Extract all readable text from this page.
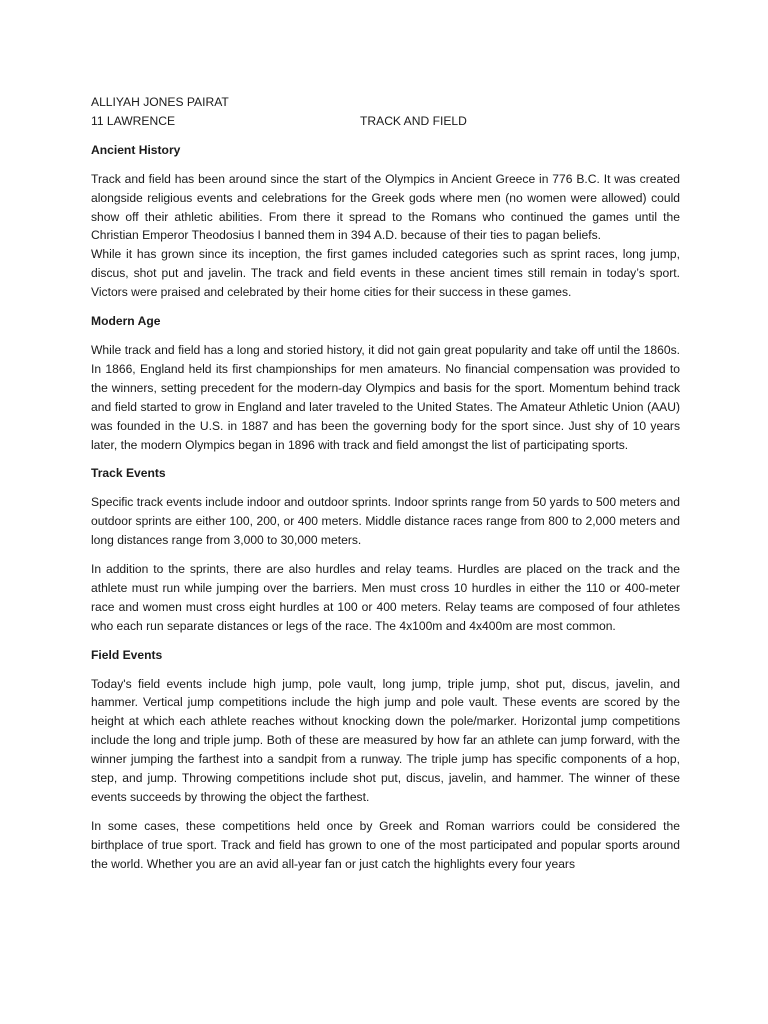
ALLIYAH JONES PAIRAT
11 LAWRENCE	TRACK AND FIELD
Ancient History

Track and field has been around since the start of the Olympics in Ancient Greece in 776 B.C. It was created alongside religious events and celebrations for the Greek gods where men (no women were allowed) could show off their athletic abilities. From there it spread to the Romans who continued the games until the Christian Emperor Theodosius I banned them in 394 A.D. because of their ties to pagan beliefs.

While it has grown since its inception, the first games included categories such as sprint races, long jump, discus, shot put and javelin. The track and field events in these ancient times still remain in today’s sport. Victors were praised and celebrated by their home cities for their success in these games.

Modern Age

While track and field has a long and storied history, it did not gain great popularity and take off until the 1860s. In 1866, England held its first championships for men amateurs. No financial compensation was provided to the winners, setting precedent for the modern-day Olympics and basis for the sport. Momentum behind track and field started to grow in England and later traveled to the United States. The Amateur Athletic Union (AAU) was founded in the U.S. in 1887 and has been the governing body for the sport since. Just shy of 10 years later, the modern Olympics began in 1896 with track and field amongst the list of participating sports.

Track Events

Specific track events include indoor and outdoor sprints. Indoor sprints range from 50 yards to 500 meters and outdoor sprints are either 100, 200, or 400 meters. Middle distance races range from 800 to 2,000 meters and long distances range from 3,000 to 30,000 meters.

In addition to the sprints, there are also hurdles and relay teams. Hurdles are placed on the track and the athlete must run while jumping over the barriers. Men must cross 10 hurdles in either the 110 or 400-meter race and women must cross eight hurdles at 100 or 400 meters. Relay teams are composed of four athletes who each run separate distances or legs of the race. The 4x100m and 4x400m are most common.

Field Events

Today's field events include high jump, pole vault, long jump, triple jump, shot put, discus, javelin, and hammer. Vertical jump competitions include the high jump and pole vault. These events are scored by the height at which each athlete reaches without knocking down the pole/marker. Horizontal jump competitions include the long and triple jump. Both of these are measured by how far an athlete can jump forward, with the winner jumping the farthest into a sandpit from a runway. The triple jump has specific components of a hop, step, and jump. Throwing competitions include shot put, discus, javelin, and hammer. The winner of these events succeeds by throwing the object the farthest.

In some cases, these competitions held once by Greek and Roman warriors could be considered the birthplace of true sport. Track and field has grown to one of the most participated and popular sports around the world. Whether you are an avid all-year fan or just catch the highlights every four years
